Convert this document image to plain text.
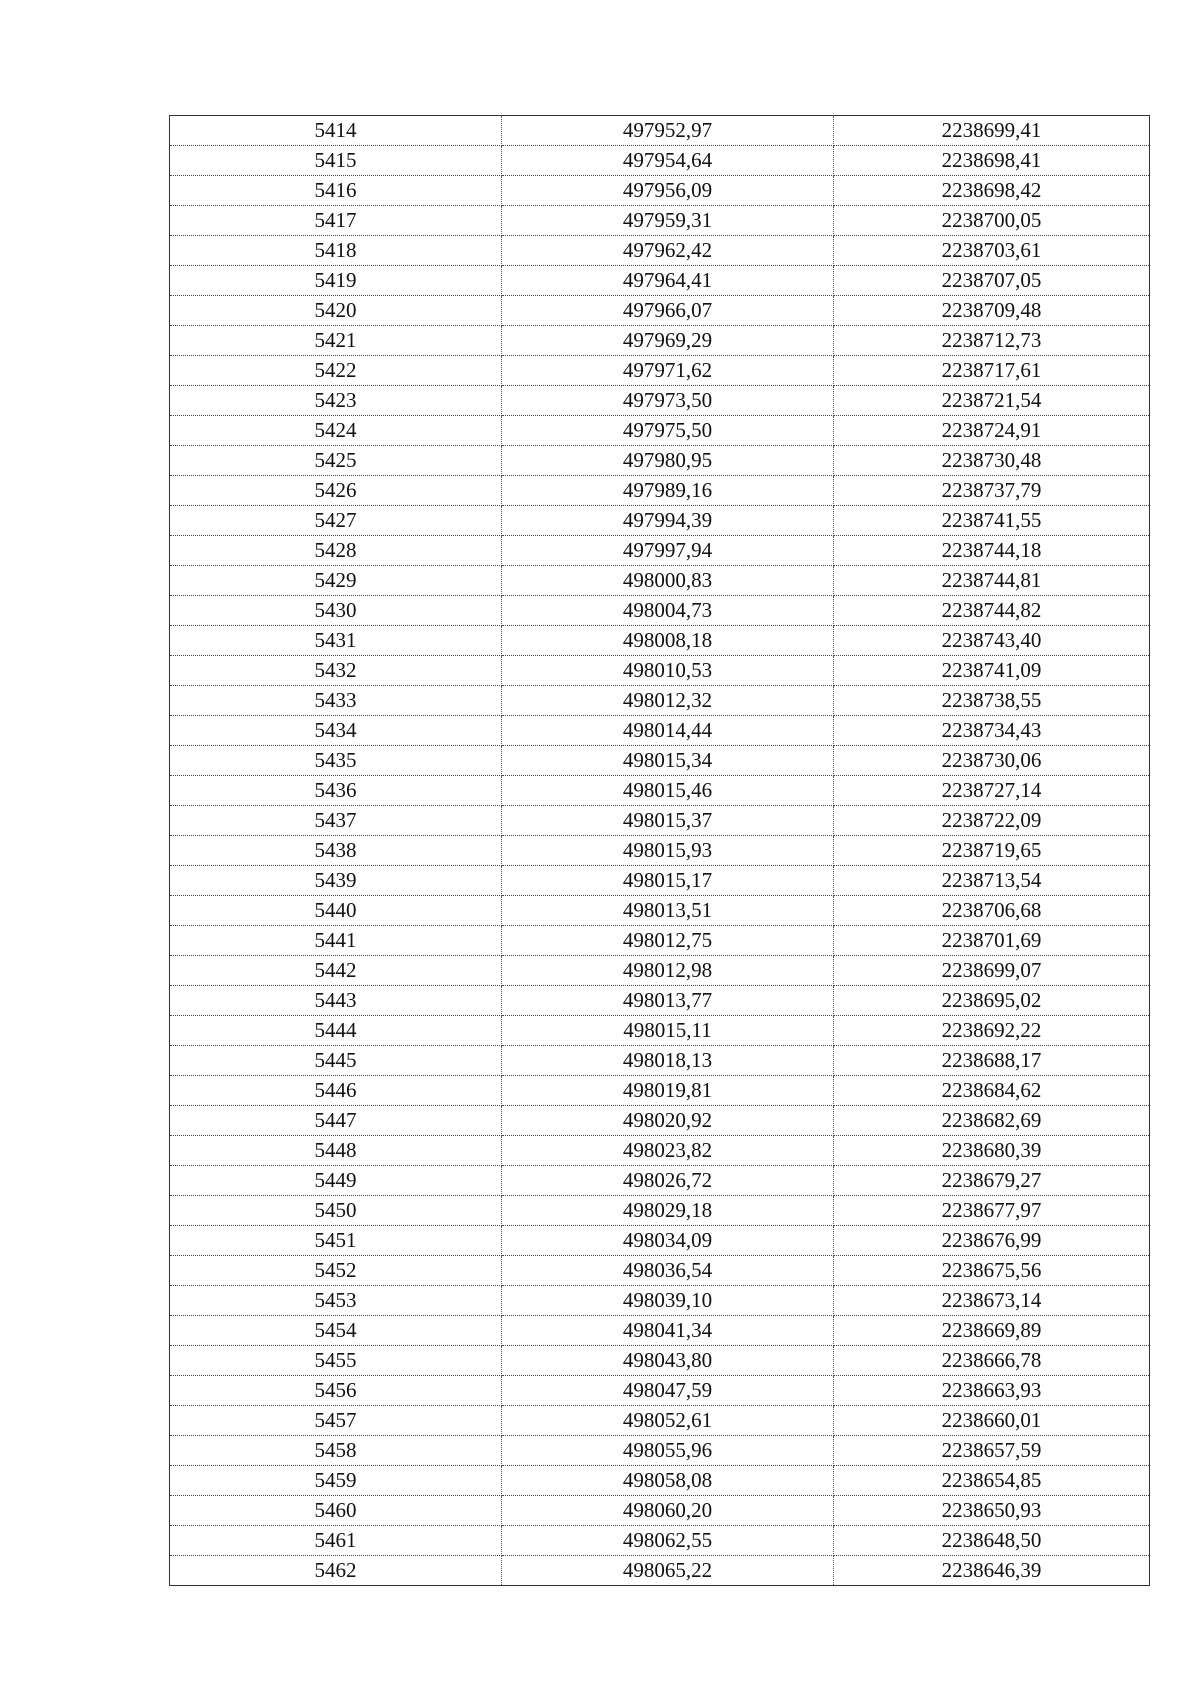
5414	497952,97	2238699,41
5415	497954,64	2238698,41
5416	497956,09	2238698,42
5417	497959,31	2238700,05
5418	497962,42	2238703,61
5419	497964,41	2238707,05
5420	497966,07	2238709,48
5421	497969,29	2238712,73
5422	497971,62	2238717,61
5423	497973,50	2238721,54
5424	497975,50	2238724,91
5425	497980,95	2238730,48
5426	497989,16	2238737,79
5427	497994,39	2238741,55
5428	497997,94	2238744,18
5429	498000,83	2238744,81
5430	498004,73	2238744,82
5431	498008,18	2238743,40
5432	498010,53	2238741,09
5433	498012,32	2238738,55
5434	498014,44	2238734,43
5435	498015,34	2238730,06
5436	498015,46	2238727,14
5437	498015,37	2238722,09
5438	498015,93	2238719,65
5439	498015,17	2238713,54
5440	498013,51	2238706,68
5441	498012,75	2238701,69
5442	498012,98	2238699,07
5443	498013,77	2238695,02
5444	498015,11	2238692,22
5445	498018,13	2238688,17
5446	498019,81	2238684,62
5447	498020,92	2238682,69
5448	498023,82	2238680,39
5449	498026,72	2238679,27
5450	498029,18	2238677,97
5451	498034,09	2238676,99
5452	498036,54	2238675,56
5453	498039,10	2238673,14
5454	498041,34	2238669,89
5455	498043,80	2238666,78
5456	498047,59	2238663,93
5457	498052,61	2238660,01
5458	498055,96	2238657,59
5459	498058,08	2238654,85
5460	498060,20	2238650,93
5461	498062,55	2238648,50
5462	498065,22	2238646,39
